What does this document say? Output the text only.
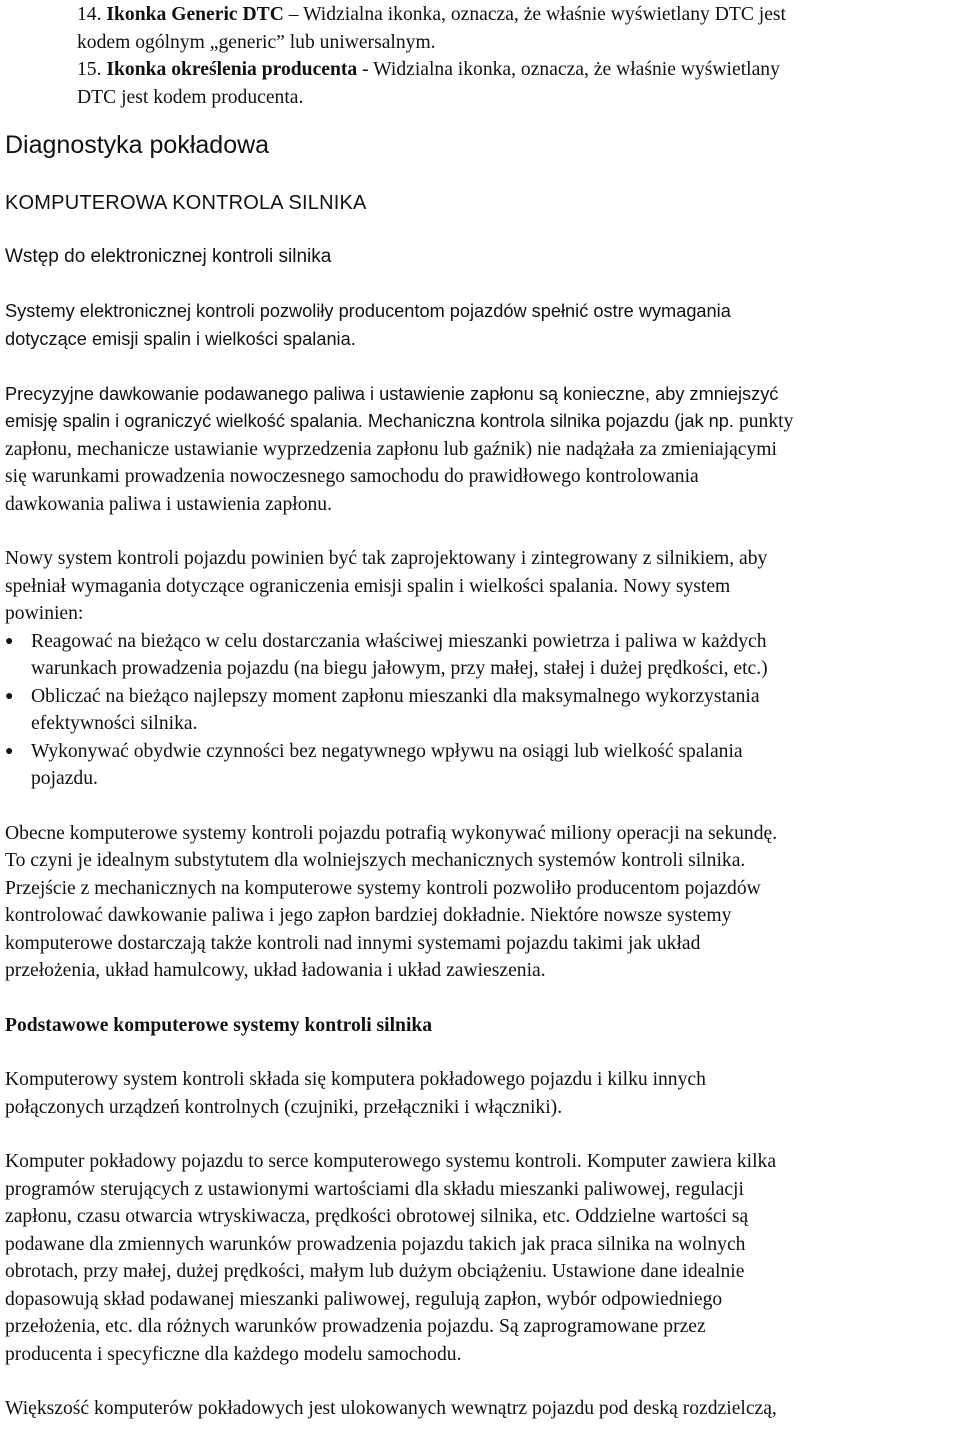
14. Ikonka Generic DTC – Widzialna ikonka, oznacza, że właśnie wyświetlany DTC jest
kodem ogólnym „generic” lub uniwersalnym.
15. Ikonka określenia producenta - Widzialna ikonka, oznacza, że właśnie wyświetlany
DTC jest kodem producenta.
Diagnostyka pokładowa
KOMPUTEROWA KONTROLA SILNIKA
Wstęp do elektronicznej kontroli silnika

Systemy elektronicznej kontroli pozwoliły producentom pojazdów spełnić ostre wymagania

dotyczące emisji spalin i wielkości spalania.

Precyzyjne dawkowanie podawanego paliwa i ustawienie zapłonu są konieczne, aby zmniejszyć

emisję spalin i ograniczyć wielkość spalania. Mechaniczna kontrola silnika pojazdu (jak np. punkty

zapłonu, mechanicze ustawianie wyprzedzenia zapłonu lub gaźnik) nie nadążała za zmieniającymi

się warunkami prowadzenia nowoczesnego samochodu do prawidłowego kontrolowania

dawkowania paliwa i ustawienia zapłonu.

Nowy system kontroli pojazdu powinien być tak zaprojektowany i zintegrowany z silnikiem, aby

spełniał wymagania dotyczące ograniczenia emisji spalin i wielkości spalania. Nowy system

powinien:

● Reagować na bieżąco w celu dostarczania właściwej mieszanki powietrza i paliwa w każdych
warunkach prowadzenia pojazdu (na biegu jałowym, przy małej, stałej i dużej prędkości, etc.)
● Obliczać na bieżąco najlepszy moment zapłonu mieszanki dla maksymalnego wykorzystania
efektywności silnika.
● Wykonywać obydwie czynności bez negatywnego wpływu na osiągi lub wielkość spalania
pojazdu.

Obecne komputerowe systemy kontroli pojazdu potrafią wykonywać miliony operacji na sekundę.

To czyni je idealnym substytutem dla wolniejszych mechanicznych systemów kontroli silnika.

Przejście z mechanicznych na komputerowe systemy kontroli pozwoliło producentom pojazdów

kontrolować dawkowanie paliwa i jego zapłon bardziej dokładnie. Niektóre nowsze systemy

komputerowe dostarczają także kontroli nad innymi systemami pojazdu takimi jak układ

przełożenia, układ hamulcowy, układ ładowania i układ zawieszenia.

Podstawowe komputerowe systemy kontroli silnika

Komputerowy system kontroli składa się komputera pokładowego pojazdu i kilku innych

połączonych urządzeń kontrolnych (czujniki, przełączniki i włączniki).

Komputer pokładowy pojazdu to serce komputerowego systemu kontroli. Komputer zawiera kilka

programów sterujących z ustawionymi wartościami dla składu mieszanki paliwowej, regulacji

zapłonu, czasu otwarcia wtryskiwacza, prędkości obrotowej silnika, etc. Oddzielne wartości są

podawane dla zmiennych warunków prowadzenia pojazdu takich jak praca silnika na wolnych

obrotach, przy małej, dużej prędkości, małym lub dużym obciążeniu. Ustawione dane idealnie

dopasowują skład podawanej mieszanki paliwowej, regulują zapłon, wybór odpowiedniego

przełożenia, etc. dla różnych warunków prowadzenia pojazdu. Są zaprogramowane przez

producenta i specyficzne dla każdego modelu samochodu.

Większość komputerów pokładowych jest ulokowanych wewnątrz pojazdu pod deską rozdzielczą,
